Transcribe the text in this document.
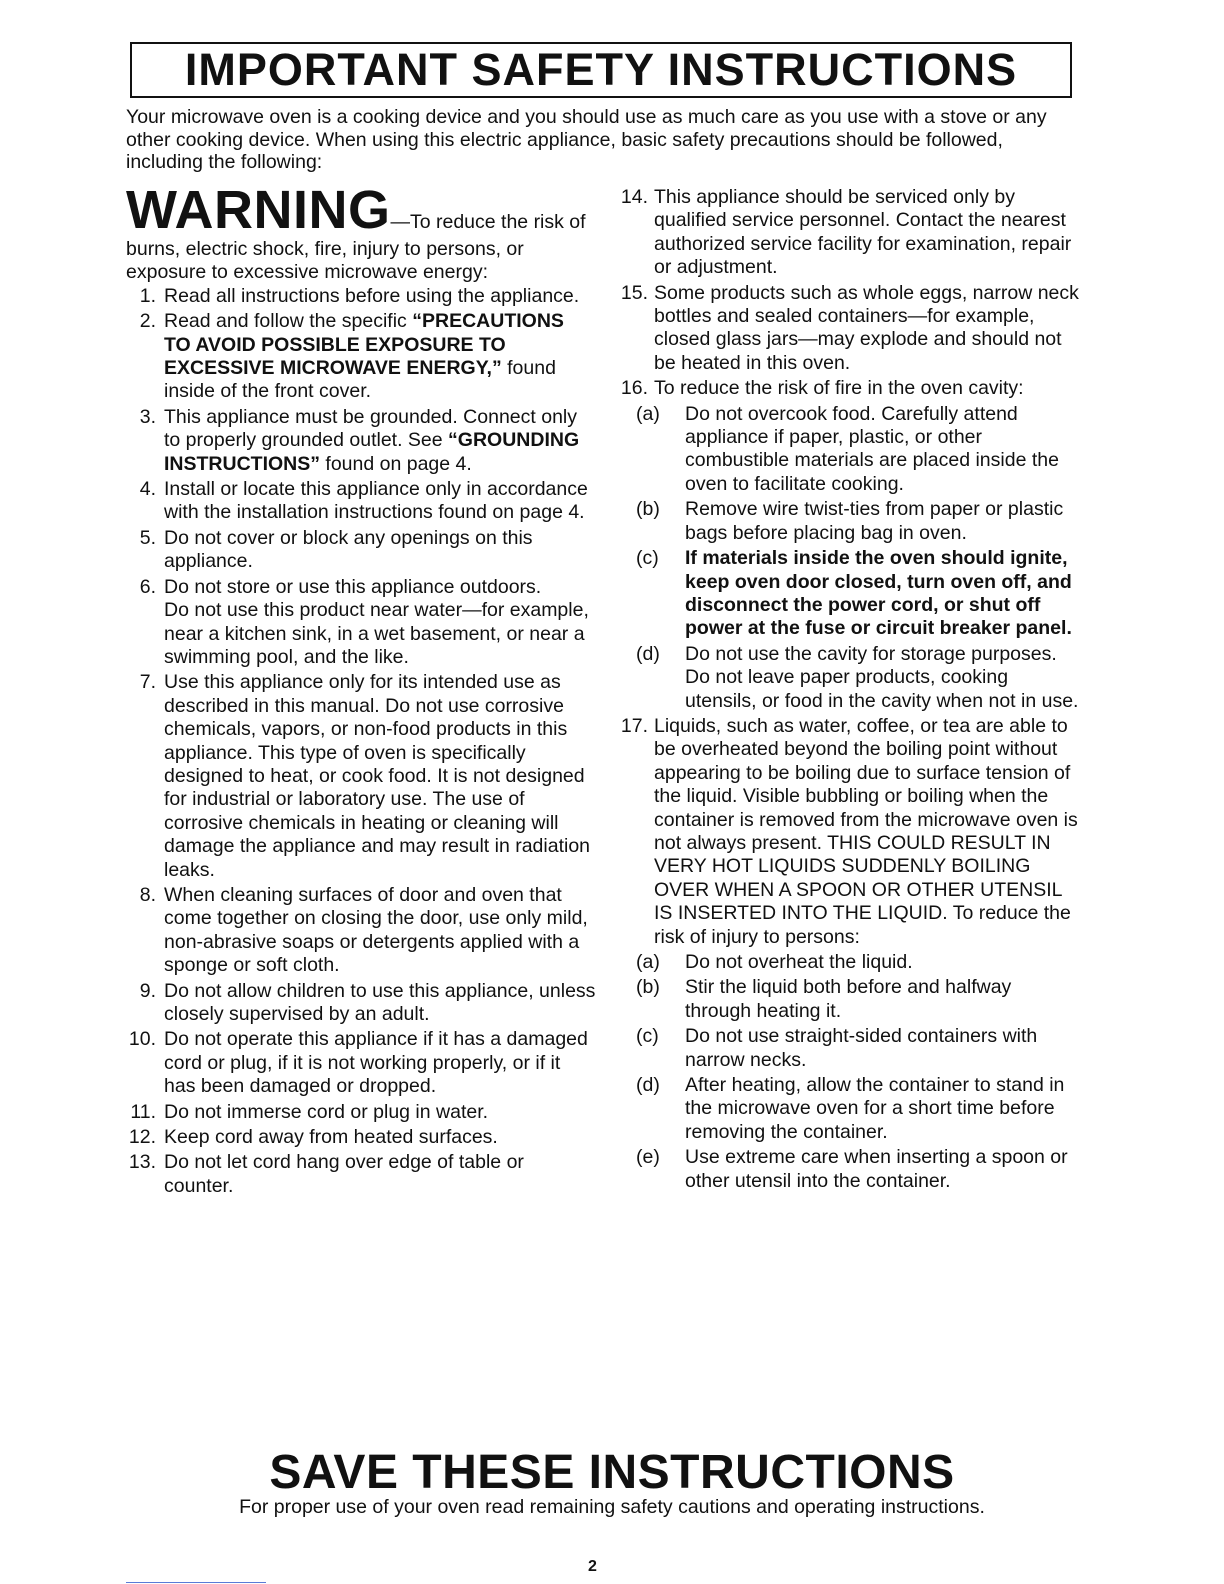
IMPORTANT SAFETY INSTRUCTIONS
Your microwave oven is a cooking device and you should use as much care as you use with a stove or any other cooking device. When using this electric appliance, basic safety precautions should be followed, including the following:

WARNING—To reduce the risk of burns, electric shock, fire, injury to persons, or exposure to excessive microwave energy:

1. Read all instructions before using the appliance.
2. Read and follow the specific “PRECAUTIONS TO AVOID POSSIBLE EXPOSURE TO EXCESSIVE MICROWAVE ENERGY,” found inside of the front cover.
3. This appliance must be grounded. Connect only to properly grounded outlet. See “GROUNDING INSTRUCTIONS” found on page 4.
4. Install or locate this appliance only in accordance with the installation instructions found on page 4.
5. Do not cover or block any openings on this appliance.
6. Do not store or use this appliance outdoors.
Do not use this product near water—for example, near a kitchen sink, in a wet basement, or near a swimming pool, and the like.
7. Use this appliance only for its intended use as described in this manual. Do not use corrosive chemicals, vapors, or non-food products in this appliance. This type of oven is specifically designed to heat, or cook food. It is not designed for industrial or laboratory use. The use of corrosive chemicals in heating or cleaning will damage the appliance and may result in radiation leaks.
8. When cleaning surfaces of door and oven that come together on closing the door, use only mild, non-abrasive soaps or detergents applied with a sponge or soft cloth.
9. Do not allow children to use this appliance, unless closely supervised by an adult.
10. Do not operate this appliance if it has a damaged cord or plug, if it is not working properly, or if it has been damaged or dropped.
11. Do not immerse cord or plug in water.
12. Keep cord away from heated surfaces.
13. Do not let cord hang over edge of table or counter.
14. This appliance should be serviced only by qualified service personnel. Contact the nearest authorized service facility for examination, repair or adjustment.
15. Some products such as whole eggs, narrow neck bottles and sealed containers—for example, closed glass jars—may explode and should not be heated in this oven.
16. To reduce the risk of fire in the oven cavity:
(a)	Do not overcook food. Carefully attend appliance if paper, plastic, or other combustible materials are placed inside the oven to facilitate cooking.
(b)	Remove wire twist-ties from paper or plastic bags before placing bag in oven.
(c)	If materials inside the oven should ignite, keep oven door closed, turn oven off, and disconnect the power cord, or shut off power at the fuse or circuit breaker panel.
(d)	Do not use the cavity for storage purposes. Do not leave paper products, cooking utensils, or food in the cavity when not in use.
17. Liquids, such as water, coffee, or tea are able to be overheated beyond the boiling point without appearing to be boiling due to surface tension of the liquid. Visible bubbling or boiling when the container is removed from the microwave oven is not always present. THIS COULD RESULT IN VERY HOT LIQUIDS SUDDENLY BOILING OVER WHEN A SPOON OR OTHER UTENSIL IS INSERTED INTO THE LIQUID. To reduce the risk of injury to persons:
(a)	Do not overheat the liquid.
(b)	Stir the liquid both before and halfway through heating it.
(c)	Do not use straight-sided containers with narrow necks.
(d)	After heating, allow the container to stand in the microwave oven for a short time before removing the container.
(e)	Use extreme care when inserting a spoon or other utensil into the container.
SAVE THESE INSTRUCTIONS
For proper use of your oven read remaining safety cautions and operating instructions.
2
